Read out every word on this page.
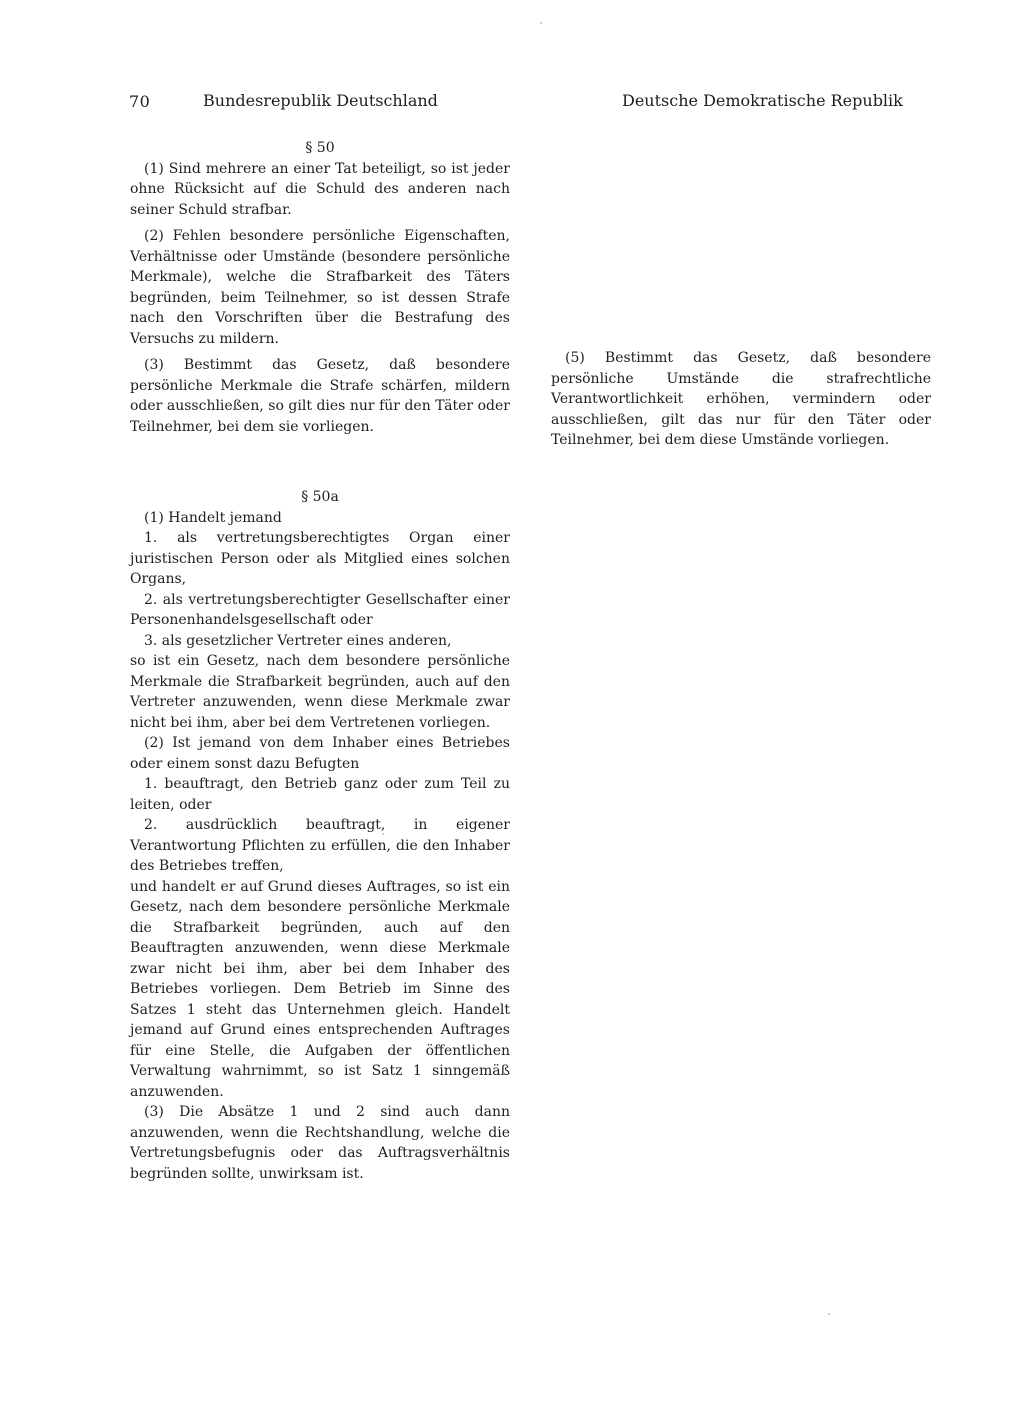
70	Bundesrepublik Deutschland	Deutsche Demokratische Republik
§ 50

(1) Sind mehrere an einer Tat beteiligt, so ist jeder ohne Rücksicht auf die Schuld des anderen nach seiner Schuld strafbar.

(2) Fehlen besondere persönliche Eigenschaften, Verhältnisse oder Umstände (besondere persönliche Merkmale), welche die Strafbarkeit des Täters begründen, beim Teilnehmer, so ist dessen Strafe nach den Vorschriften über die Bestrafung des Versuchs zu mildern.

(3) Bestimmt das Gesetz, daß besondere persönliche Merkmale die Strafe schärfen, mildern oder ausschließen, so gilt dies nur für den Täter oder Teilnehmer, bei dem sie vorliegen.

§ 50a

(1) Handelt jemand

1. als vertretungsberechtigtes Organ einer juristischen Person oder als Mitglied eines solchen Organs,

2. als vertretungsberechtigter Gesellschafter einer Personenhandelsgesellschaft oder

3. als gesetzlicher Vertreter eines anderen,

so ist ein Gesetz, nach dem besondere persönliche Merkmale die Strafbarkeit begründen, auch auf den Vertreter anzuwenden, wenn diese Merkmale zwar nicht bei ihm, aber bei dem Vertretenen vorliegen.

(2) Ist jemand von dem Inhaber eines Betriebes oder einem sonst dazu Befugten

1. beauftragt, den Betrieb ganz oder zum Teil zu leiten, oder

2. ausdrücklich beauftragt, in eigener Verantwortung Pflichten zu erfüllen, die den Inhaber des Betriebes treffen,

und handelt er auf Grund dieses Auftrages, so ist ein Gesetz, nach dem besondere persönliche Merkmale die Strafbarkeit begründen, auch auf den Beauftragten anzuwenden, wenn diese Merkmale zwar nicht bei ihm, aber bei dem Inhaber des Betriebes vorliegen. Dem Betrieb im Sinne des Satzes 1 steht das Unternehmen gleich. Handelt jemand auf Grund eines entsprechenden Auftrages für eine Stelle, die Aufgaben der öffentlichen Verwaltung wahrnimmt, so ist Satz 1 sinngemäß anzuwenden.

(3) Die Absätze 1 und 2 sind auch dann anzuwenden, wenn die Rechtshandlung, welche die Vertretungsbefugnis oder das Auftragsverhältnis begründen sollte, unwirksam ist.

(5) Bestimmt das Gesetz, daß besondere persönliche Umstände die strafrechtliche Verantwortlichkeit erhöhen, vermindern oder ausschließen, gilt das nur für den Täter oder Teilnehmer, bei dem diese Umstände vorliegen.
